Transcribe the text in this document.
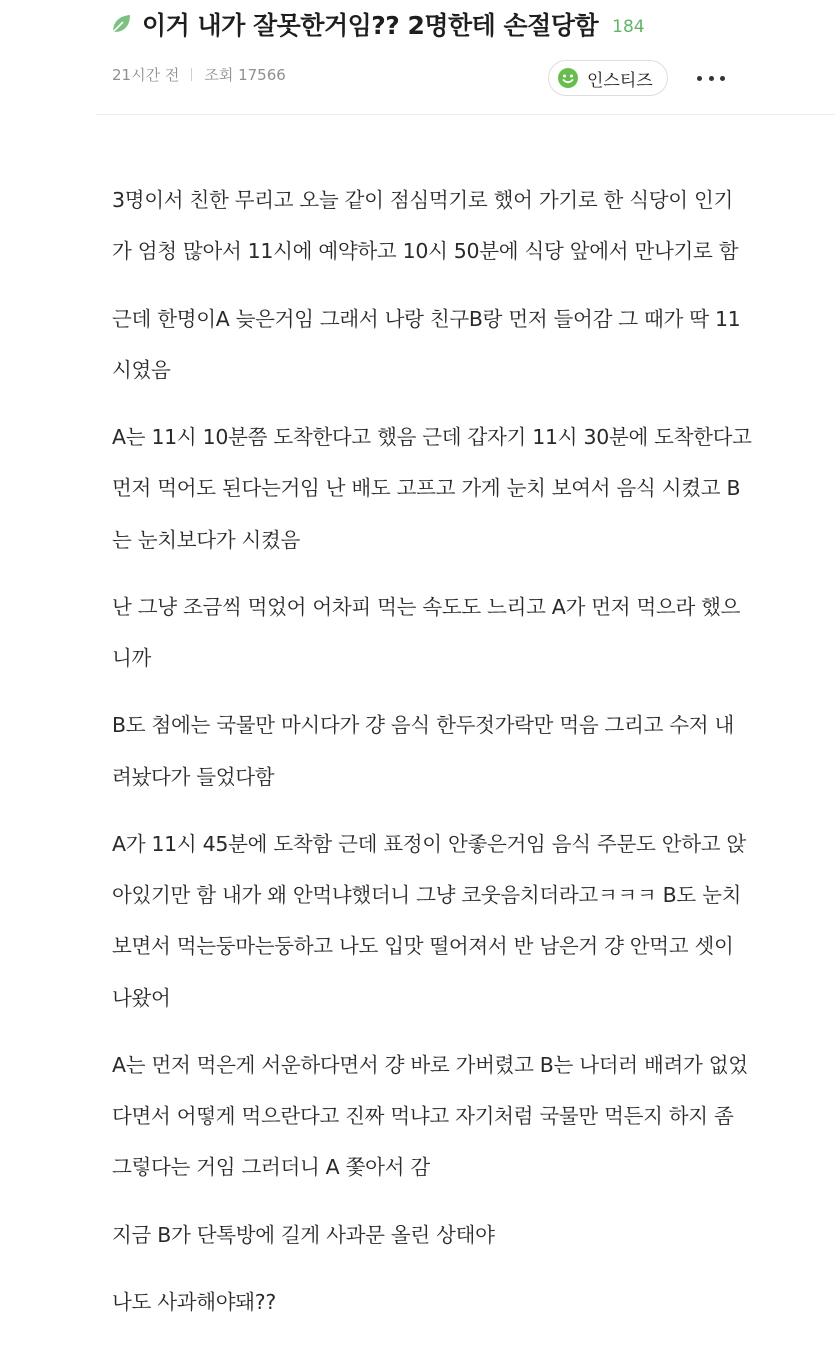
이거 내가 잘못한거임?? 2명한테 손절당함 184
21시간 전 조회 17566	인스티즈

3명이서 친한 무리고 오늘 같이 점심먹기로 했어 가기로 한 식당이 인기가 엄청 많아서 11시에 예약하고 10시 50분에 식당 앞에서 만나기로 함

근데 한명이A 늦은거임 그래서 나랑 친구B랑 먼저 들어감 그 때가 딱 11시였음

A는 11시 10분쯤 도착한다고 했음 근데 갑자기 11시 30분에 도착한다고 먼저 먹어도 된다는거임 난 배도 고프고 가게 눈치 보여서 음식 시켰고 B는 눈치보다가 시켰음

난 그냥 조금씩 먹었어 어차피 먹는 속도도 느리고 A가 먼저 먹으라 했으니까

B도 첨에는 국물만 마시다가 걍 음식 한두젓가락만 먹음 그리고 수저 내려놨다가 들었다함

A가 11시 45분에 도착함 근데 표정이 안좋은거임 음식 주문도 안하고 앉아있기만 함 내가 왜 안먹냐했더니 그냥 코웃음치더라고ㅋㅋㅋ B도 눈치보면서 먹는둥마는둥하고 나도 입맛 떨어져서 반 남은거 걍 안먹고 셋이 나왔어

A는 먼저 먹은게 서운하다면서 걍 바로 가버렸고 B는 나더러 배려가 없었다면서 어떻게 먹으란다고 진짜 먹냐고 자기처럼 국물만 먹든지 하지 좀 그렇다는 거임 그러더니 A 쫓아서 감

지금 B가 단톡방에 길게 사과문 올린 상태야

나도 사과해야돼??
